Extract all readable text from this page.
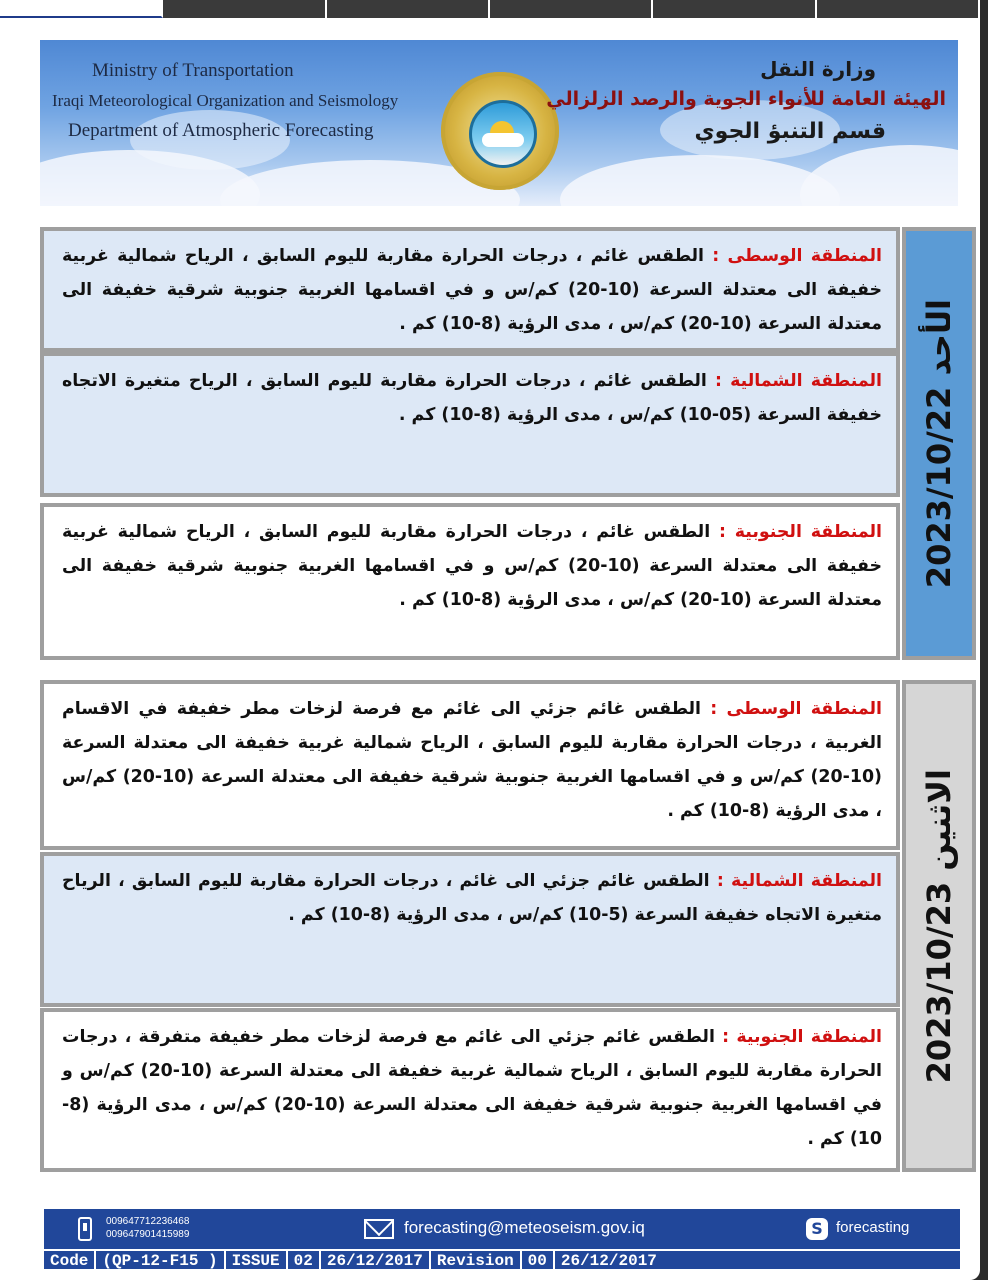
Ministry of Transportation
Iraqi Meteorological Organization and Seismology
Department of Atmospheric Forecasting
وزارة النقل
الهيئة العامة للأنواء الجوية والرصد الزلزالي
قسم التنبؤ الجوي
المنطقة الوسطى : الطقس غائم ، درجات الحرارة مقاربة لليوم السابق ، الرياح شمالية غربية خفيفة الى معتدلة السرعة (10-20) كم/س و في اقسامها الغربية جنوبية شرقية خفيفة الى معتدلة السرعة (10-20) كم/س ، مدى الرؤية (8-10) كم .
المنطقة الشمالية : الطقس غائم ، درجات الحرارة مقاربة لليوم السابق ، الرياح متغيرة الاتجاه خفيفة السرعة (05-10) كم/س ، مدى الرؤية (8-10) كم .
المنطقة الجنوبية : الطقس غائم ، درجات الحرارة مقاربة لليوم السابق ، الرياح شمالية غربية خفيفة الى معتدلة السرعة (10-20) كم/س و في اقسامها الغربية جنوبية شرقية خفيفة الى معتدلة السرعة (10-20) كم/س ، مدى الرؤية (8-10) كم .
الأحد 2023/10/22
المنطقة الوسطى : الطقس غائم جزئي الى غائم مع فرصة لزخات مطر خفيفة في الاقسام الغربية ، درجات الحرارة مقاربة لليوم السابق ، الرياح شمالية غربية خفيفة الى معتدلة السرعة (10-20) كم/س و في اقسامها الغربية جنوبية شرقية خفيفة الى معتدلة السرعة (10-20) كم/س ، مدى الرؤية (8-10) كم .
المنطقة الشمالية : الطقس غائم جزئي الى غائم ، درجات الحرارة مقاربة لليوم السابق ، الرياح متغيرة الاتجاه خفيفة السرعة (5-10) كم/س ، مدى الرؤية (8-10) كم .
المنطقة الجنوبية : الطقس غائم جزئي الى غائم مع فرصة لزخات مطر خفيفة متفرقة ، درجات الحرارة مقاربة لليوم السابق ، الرياح شمالية غربية خفيفة الى معتدلة السرعة (10-20) كم/س و في اقسامها الغربية جنوبية شرقية خفيفة الى معتدلة السرعة (10-20) كم/س ، مدى الرؤية (8-10) كم .
الاثنين 2023/10/23
009647712236468
009647901415989	forecasting@meteoseism.gov.iq	S forecasting
Code (QP-12-F15 ) ISSUE 02 26/12/2017 Revision 00 26/12/2017
